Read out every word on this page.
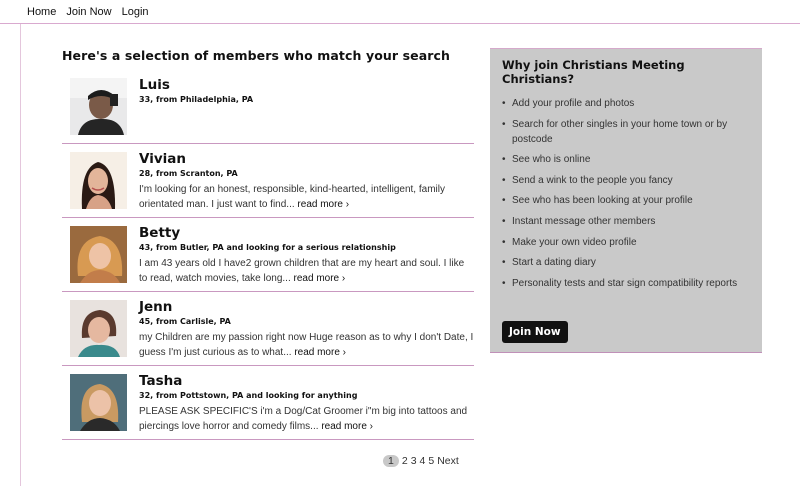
Home Join Now Login
Here's a selection of members who match your search
Luis
33, from Philadelphia, PA
Vivian
28, from Scranton, PA
I'm looking for an honest, responsible, kind-hearted, intelligent, family orientated man. I just want to find... read more ›
Betty
43, from Butler, PA and looking for a serious relationship
I am 43 years old I have2 grown children that are my heart and soul. I like to read, watch movies, take long... read more ›
Jenn
45, from Carlisle, PA
my Children are my passion right now Huge reason as to why I don't Date, I guess I'm just curious as to what... read more ›
Tasha
32, from Pottstown, PA and looking for anything
PLEASE ASK SPECIFIC'S i'm a Dog/Cat Groomer i"m big into tattoos and piercings love horror and comedy films... read more ›
1 2 3 4 5 Next
Why join Christians Meeting Christians?
• Add your profile and photos
• Search for other singles in your home town or by postcode
• See who is online
• Send a wink to the people you fancy
• See who has been looking at your profile
• Instant message other members
• Make your own video profile
• Start a dating diary
• Personality tests and star sign compatibility reports
Join Now
